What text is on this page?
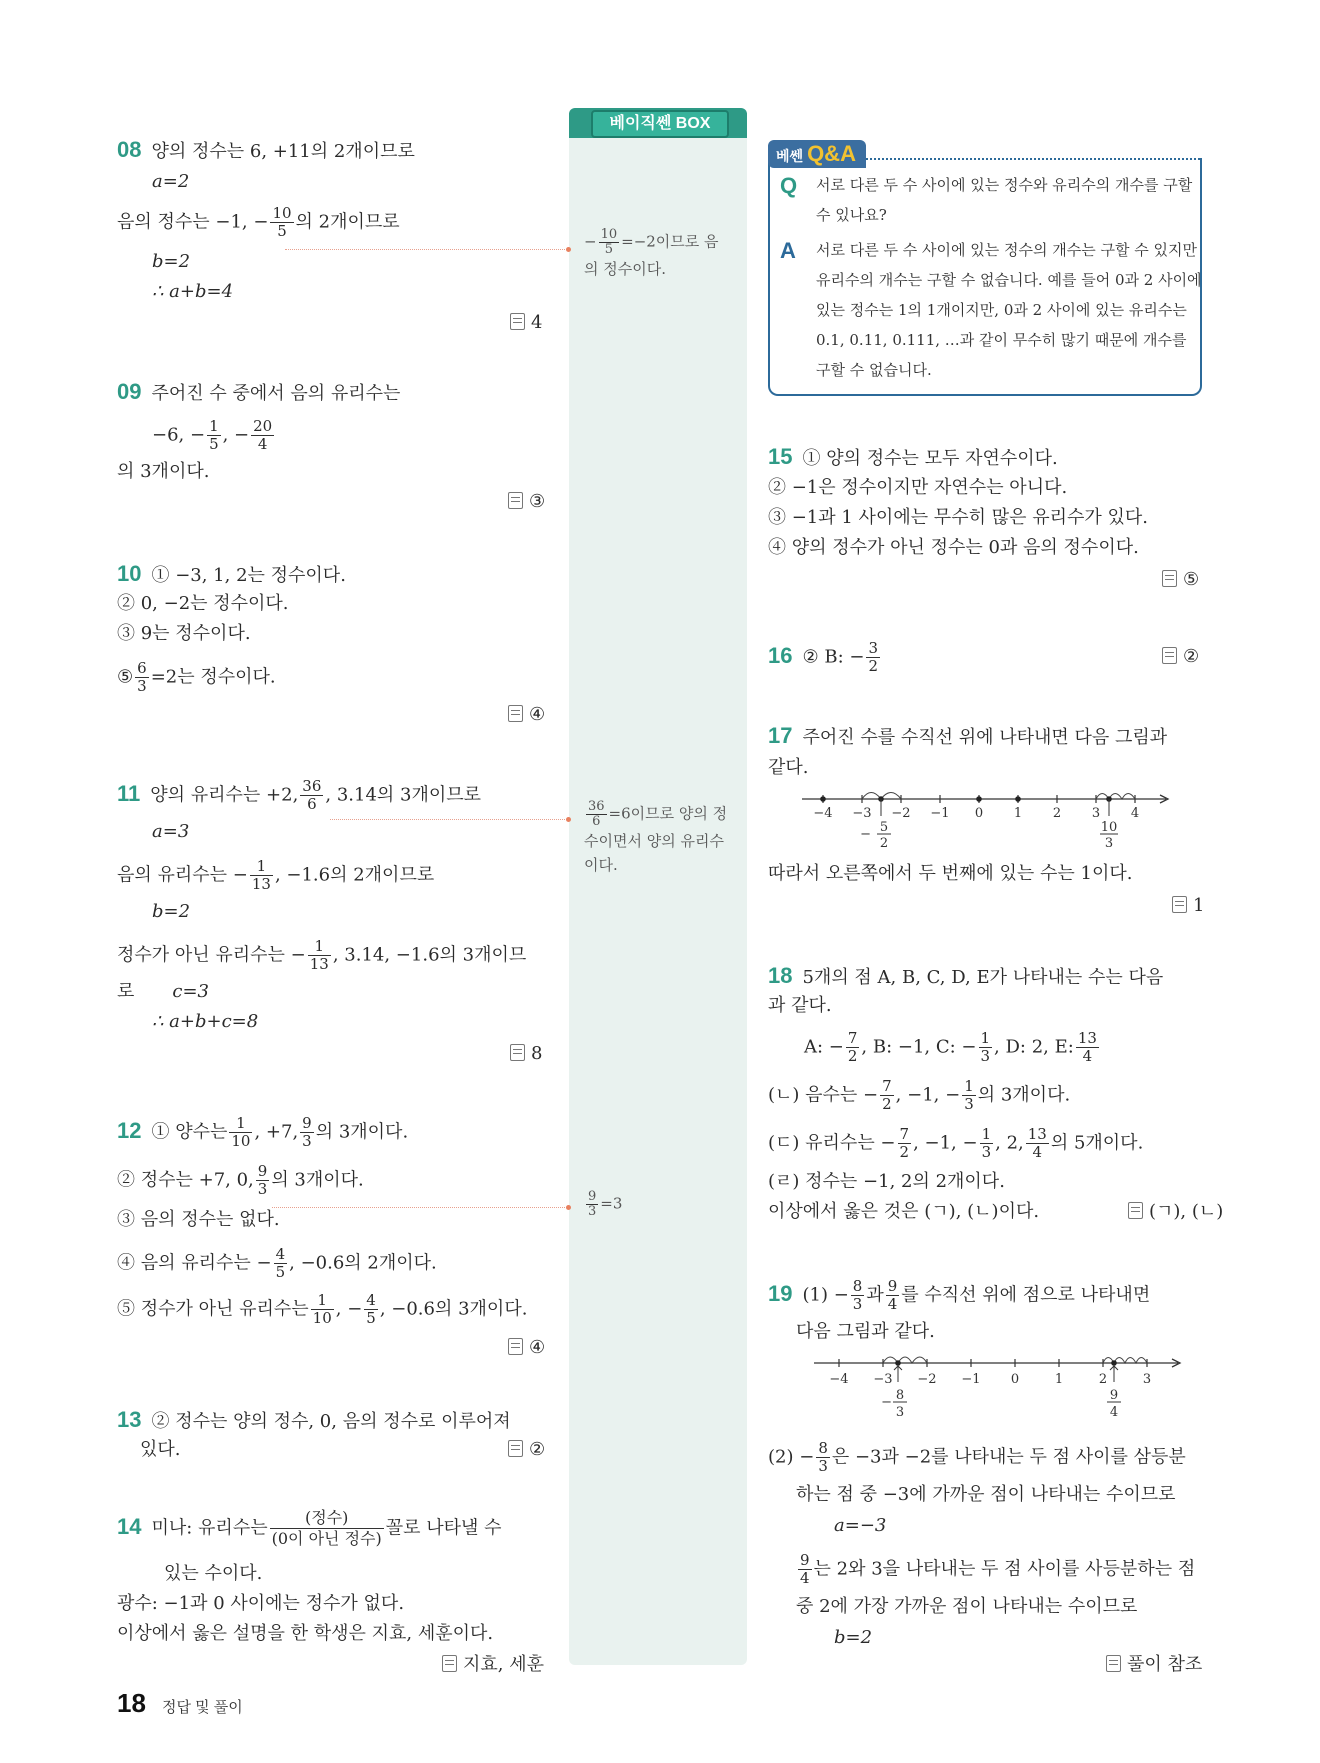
베이직쎈 BOX
− $\frac{10}{5} =-2$이므로 음
의 정수이다.
$\frac{36}{6} =6$이므로 양의 정
수이면서 양의 유리수
이다.
$\frac{9}{3} =3$
베쎈 Q&A
Q 서로 다른 두 수 사이에 있는 정수와 유리수의 개수를 구할
수 있나요?
A 서로 다른 두 수 사이에 있는 정수의 개수는 구할 수 있지만
유리수의 개수는 구할 수 없습니다. 예를 들어 0과 2 사이에
있는 정수는 1의 1개이지만, 0과 2 사이에 있는 유리수는
0.1, 0.11, 0.111, …과 같이 무수히 많기 때문에 개수를
구할 수 없습니다.
08 양의 정수는 6, +11의 2개이므로
a=2
음의 정수는 −1, − $\frac{10}{5}$ 의 2개이므로
b=2
∴ a+b=4
4
09 주어진 수 중에서 음의 유리수는
−6, − $\frac{1}{5}$ , − $\frac{20}{4}$
의 3개이다.
③
10 ① −3, 1, 2는 정수이다.
② 0, −2는 정수이다.
③ 9는 정수이다.
⑤ $\frac{6}{3} =2$는 정수이다.
④
11 양의 유리수는 +2, $\frac{36}{6}$ , 3.14의 3개이므로
a=3
음의 유리수는 − $\frac{1}{13}$ , −1.6의 2개이므로
b=2
정수가 아닌 유리수는 − $\frac{1}{13}$ , 3.14, −1.6의 3개이므
로 c=3
∴ a+b+c=8
8
12 ① 양수는 $\frac{1}{10}$ , +7, $\frac{9}{3}$ 의 3개이다.
② 정수는 +7, 0, $\frac{9}{3}$ 의 3개이다.
③ 음의 정수는 없다.
④ 음의 유리수는 − $\frac{4}{5}$ , −0.6의 2개이다.
⑤ 정수가 아닌 유리수는 $\frac{1}{10}$ , − $\frac{4}{5}$ , −0.6의 3개이다.
④
13 ② 정수는 양의 정수, 0, 음의 정수로 이루어져
있다.	②
14 미나: 유리수는	(정수)
(0이 아닌 정수) 꼴로 나타낼 수
있는 수이다.
광수: −1과 0 사이에는 정수가 없다.
이상에서 옳은 설명을 한 학생은 지효, 세훈이다.
지효, 세훈
15 ① 양의 정수는 모두 자연수이다.
② −1은 정수이지만 자연수는 아니다.
③ −1과 1 사이에는 무수히 많은 유리수가 있다.
④ 양의 정수가 아닌 정수는 0과 음의 정수이다.
⑤
16 ② B: − $\frac{3}{2}$	②
17 주어진 수를 수직선 위에 나타내면 다음 그림과
같다.
−4 −3 −2 −1 0 1 2 3 4
− 5
2
10
3
따라서 오른쪽에서 두 번째에 있는 수는 1이다.
1
18 5개의 점 A, B, C, D, E가 나타내는 수는 다음
과 같다.
A: − $\frac{7}{2}$ , B: −1, C: − $\frac{1}{3}$ , D: 2, E: $\frac{13}{4}$
(ㄴ) 음수는 − $\frac{7}{2}$ , −1, − $\frac{1}{3}$ 의 3개이다.
(ㄷ) 유리수는 − $\frac{7}{2}$ , −1, − $\frac{1}{3}$ , 2, $\frac{13}{4}$ 의 5개이다.
(ㄹ) 정수는 −1, 2의 2개이다.
이상에서 옳은 것은 (ㄱ), (ㄴ)이다.	(ㄱ), (ㄴ)
19 $(1) - \frac{8}{3}$ 과 $\frac{9}{4}$ 를 수직선 위에 점으로 나타내면
다음 그림과 같다.
−4 −3 −2 −1 0	1	2	3
− 8
3
9
4
$(2) - \frac{8}{3}$ 은 −3과 −2를 나타내는 두 점 사이를 삼등분
하는 점 중 −3에 가까운 점이 나타내는 수이므로
a=−3
$\frac{9}{4}$ 는 2와 3을 나타내는 두 점 사이를 사등분하는 점
중 2에 가장 가까운 점이 나타내는 수이므로
b=2
풀이 참조
18 정답 및 풀이
